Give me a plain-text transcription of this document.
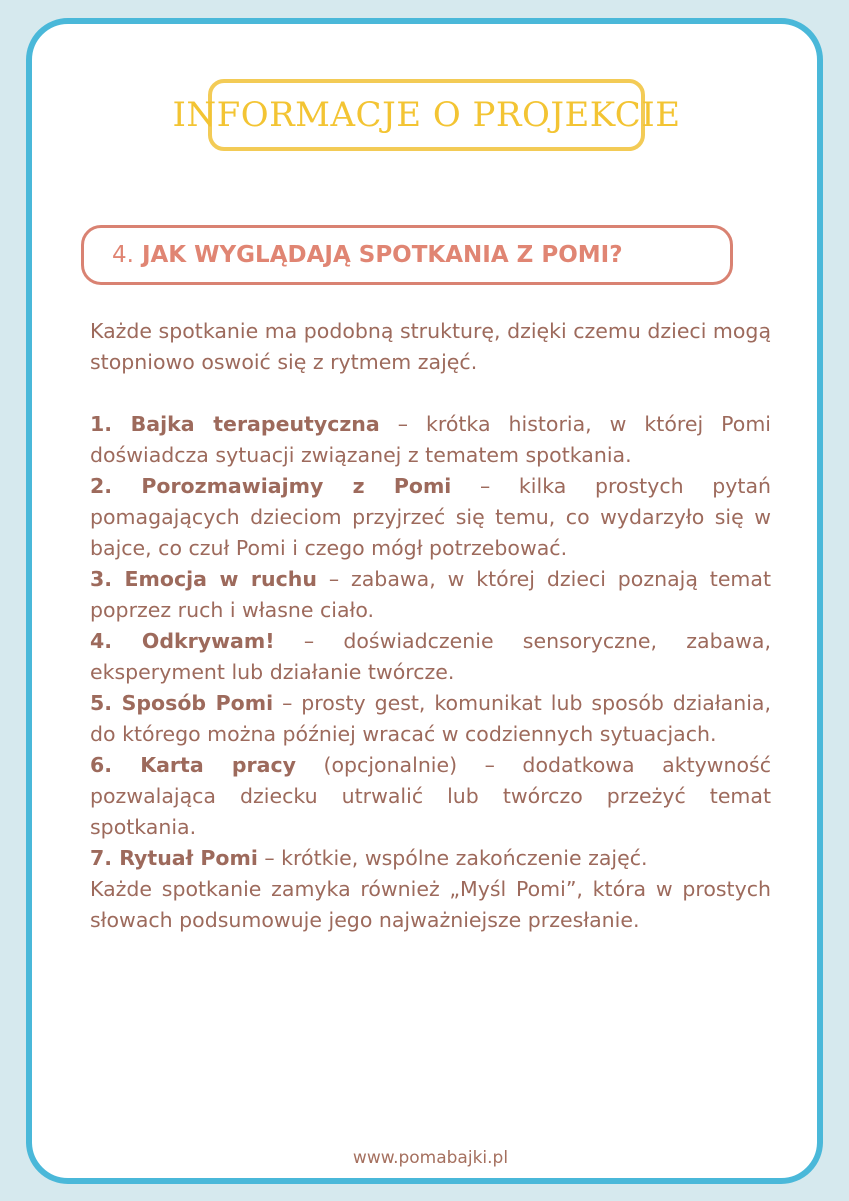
INFORMACJE O PROJEKCIE
4. JAK WYGLĄDAJĄ SPOTKANIA Z POMI?

Każde spotkanie ma podobną strukturę, dzięki czemu dzieci mogą stopniowo oswoić się z rytmem zajęć.

1. Bajka terapeutyczna – krótka historia, w której Pomi doświadcza sytuacji związanej z tematem spotkania.

2. Porozmawiajmy z Pomi – kilka prostych pytań pomagających dzieciom przyjrzeć się temu, co wydarzyło się w bajce, co czuł Pomi i czego mógł potrzebować.

3. Emocja w ruchu – zabawa, w której dzieci poznają temat poprzez ruch i własne ciało.

4. Odkrywam! – doświadczenie sensoryczne, zabawa, eksperyment lub działanie twórcze.

5. Sposób Pomi – prosty gest, komunikat lub sposób działania, do którego można później wracać w codziennych sytuacjach.

6. Karta pracy (opcjonalnie) – dodatkowa aktywność pozwalająca dziecku utrwalić lub twórczo przeżyć temat spotkania.

7. Rytuał Pomi – krótkie, wspólne zakończenie zajęć.

Każde spotkanie zamyka również „Myśl Pomi”, która w prostych słowach podsumowuje jego najważniejsze przesłanie.

www.pomabajki.pl
